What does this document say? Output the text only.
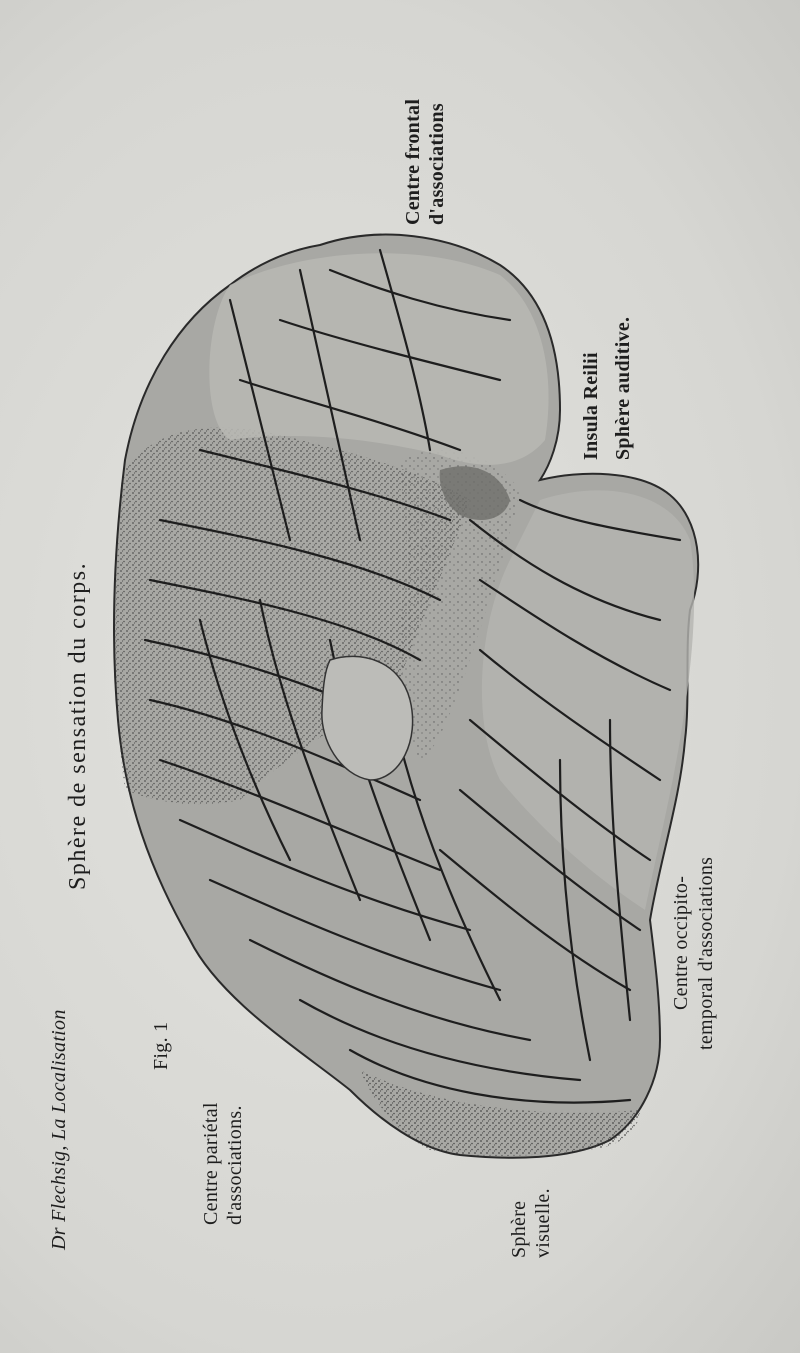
Dr Flechsig, La Localisation	Fig. 1
Sphère de sensation du corps.
Centre pariétal d'associations.
Sphère visuelle.
Centre occipito- temporal d'associations
Insula Reilii Sphère auditive.
Centre frontal d'associations
